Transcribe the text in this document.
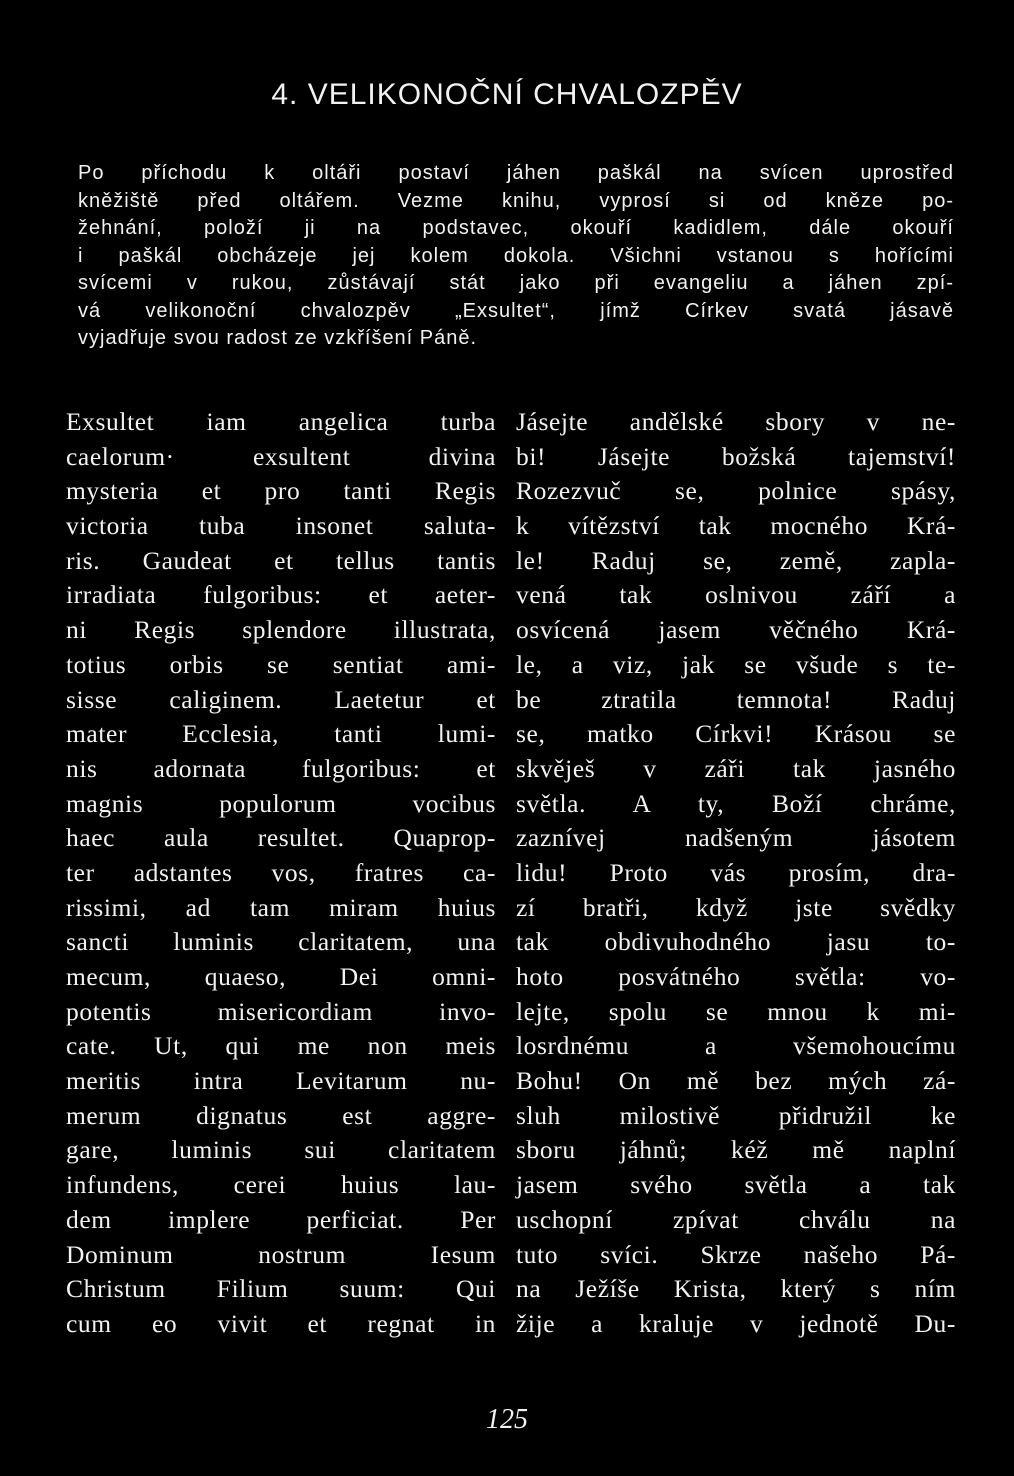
4. VELIKONOČNÍ CHVALOZPĚV
Po příchodu k oltáři postaví jáhen paškál na svícen uprostřed
kněžiště před oltářem. Vezme knihu, vyprosí si od kněze po-
žehnání, položí ji na podstavec, okouří kadidlem, dále okouří
i paškál obcházeje jej kolem dokola. Všichni vstanou s hořícími
svícemi v rukou, zůstávají stát jako při evangeliu a jáhen zpí-
vá velikonoční chvalozpěv „Exsultet“, jímž Církev svatá jásavě
vyjadřuje svou radost ze vzkříšení Páně.
Exsultet iam angelica turba
caelorum· exsultent divina
mysteria et pro tanti Regis
victoria tuba insonet saluta-
ris. Gaudeat et tellus tantis
irradiata fulgoribus: et aeter-
ni Regis splendore illustrata,
totius orbis se sentiat ami-
sisse caliginem. Laetetur et
mater Ecclesia, tanti lumi-
nis adornata fulgoribus: et
magnis populorum vocibus
haec aula resultet. Quaprop-
ter adstantes vos, fratres ca-
rissimi, ad tam miram huius
sancti luminis claritatem, una
mecum, quaeso, Dei omni-
potentis misericordiam invo-
cate. Ut, qui me non meis
meritis intra Levitarum nu-
merum dignatus est aggre-
gare, luminis sui claritatem
infundens, cerei huius lau-
dem implere perficiat. Per
Dominum nostrum Iesum
Christum Filium suum: Qui
cum eo vivit et regnat in
Jásejte andělské sbory v ne-
bi! Jásejte božská tajemství!
Rozezvuč se, polnice spásy,
k vítězství tak mocného Krá-
le! Raduj se, země, zapla-
vená tak oslnivou září a
osvícená jasem věčného Krá-
le, a viz, jak se všude s te-
be ztratila temnota! Raduj
se, matko Církvi! Krásou se
skvěješ v záři tak jasného
světla. A ty, Boží chráme,
zaznívej nadšeným jásotem
lidu! Proto vás prosím, dra-
zí bratři, když jste svědky
tak obdivuhodného jasu to-
hoto posvátného světla: vo-
lejte, spolu se mnou k mi-
losrdnému a všemohoucímu
Bohu! On mě bez mých zá-
sluh milostivě přidružil ke
sboru jáhnů; kéž mě naplní
jasem svého světla a tak
uschopní zpívat chválu na
tuto svíci. Skrze našeho Pá-
na Ježíše Krista, který s ním
žije a kraluje v jednotě Du-
125
